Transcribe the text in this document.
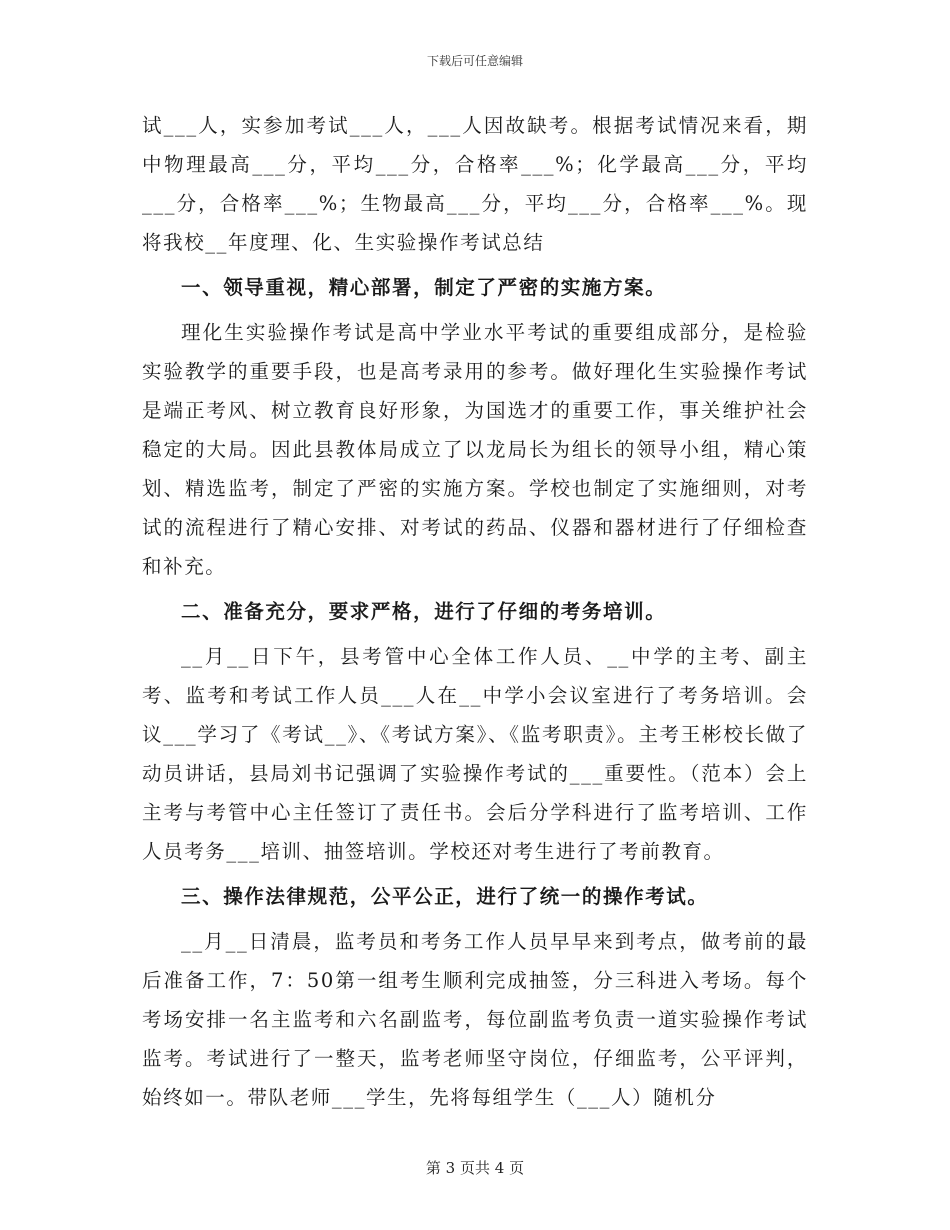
下载后可任意编辑

试___人，实参加考试___人，___人因故缺考。根据考试情况来看，期中物理最高___分，平均___分，合格率___%；化学最高___分，平均___分，合格率___%；生物最高___分，平均___分，合格率___%。现将我校__年度理、化、生实验操作考试总结

一、领导重视，精心部署，制定了严密的实施方案。

理化生实验操作考试是高中学业水平考试的重要组成部分，是检验实验教学的重要手段，也是高考录用的参考。做好理化生实验操作考试是端正考风、树立教育良好形象，为国选才的重要工作，事关维护社会稳定的大局。因此县教体局成立了以龙局长为组长的领导小组，精心策划、精选监考，制定了严密的实施方案。学校也制定了实施细则，对考试的流程进行了精心安排、对考试的药品、仪器和器材进行了仔细检查和补充。

二、准备充分，要求严格，进行了仔细的考务培训。

__月__日下午，县考管中心全体工作人员、__中学的主考、副主考、监考和考试工作人员___人在__中学小会议室进行了考务培训。会议___学习了《考试__》、《考试方案》、《监考职责》。主考王彬校长做了动员讲话，县局刘书记强调了实验操作考试的___重要性。（范本）会上主考与考管中心主任签订了责任书。会后分学科进行了监考培训、工作人员考务___培训、抽签培训。学校还对考生进行了考前教育。

三、操作法律规范，公平公正，进行了统一的操作考试。

__月__日清晨，监考员和考务工作人员早早来到考点，做考前的最后准备工作，7：50第一组考生顺利完成抽签，分三科进入考场。每个考场安排一名主监考和六名副监考，每位副监考负责一道实验操作考试监考。考试进行了一整天，监考老师坚守岗位，仔细监考，公平评判，始终如一。带队老师___学生，先将每组学生（___人）随机分

第 3 页共 4 页
